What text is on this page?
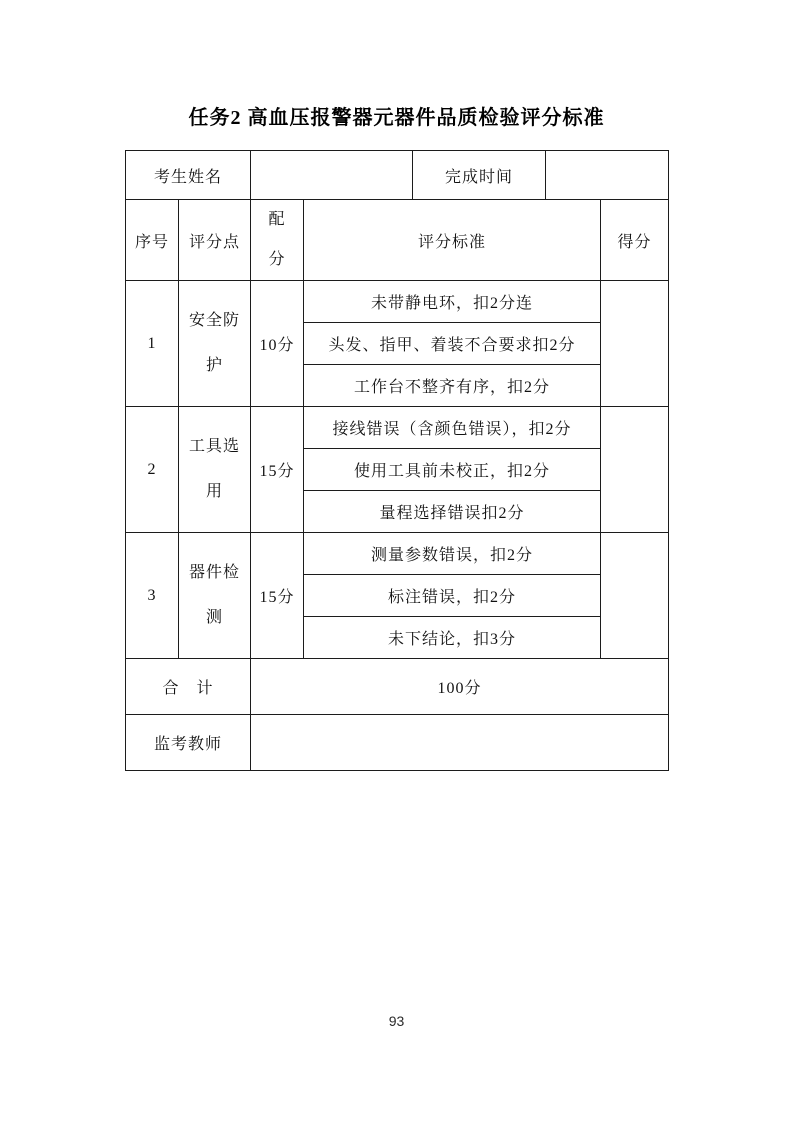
任务2 高血压报警器元器件品质检验评分标准
考生姓名				完成时间		
序号	评分点	配分	评分标准			得分
1	安全防护	10分	未带静电环，扣2分连			
			头发、指甲、着装不合要求扣2分			
			工作台不整齐有序，扣2分			
2	工具选用	15分	接线错误（含颜色错误），扣2分			
			使用工具前未校正，扣2分			
			量程选择错误扣2分			
3	器件检测	15分	测量参数错误，扣2分			
			标注错误，扣2分			
			未下结论，扣3分			
合　计		100分				
监考教师						
93
